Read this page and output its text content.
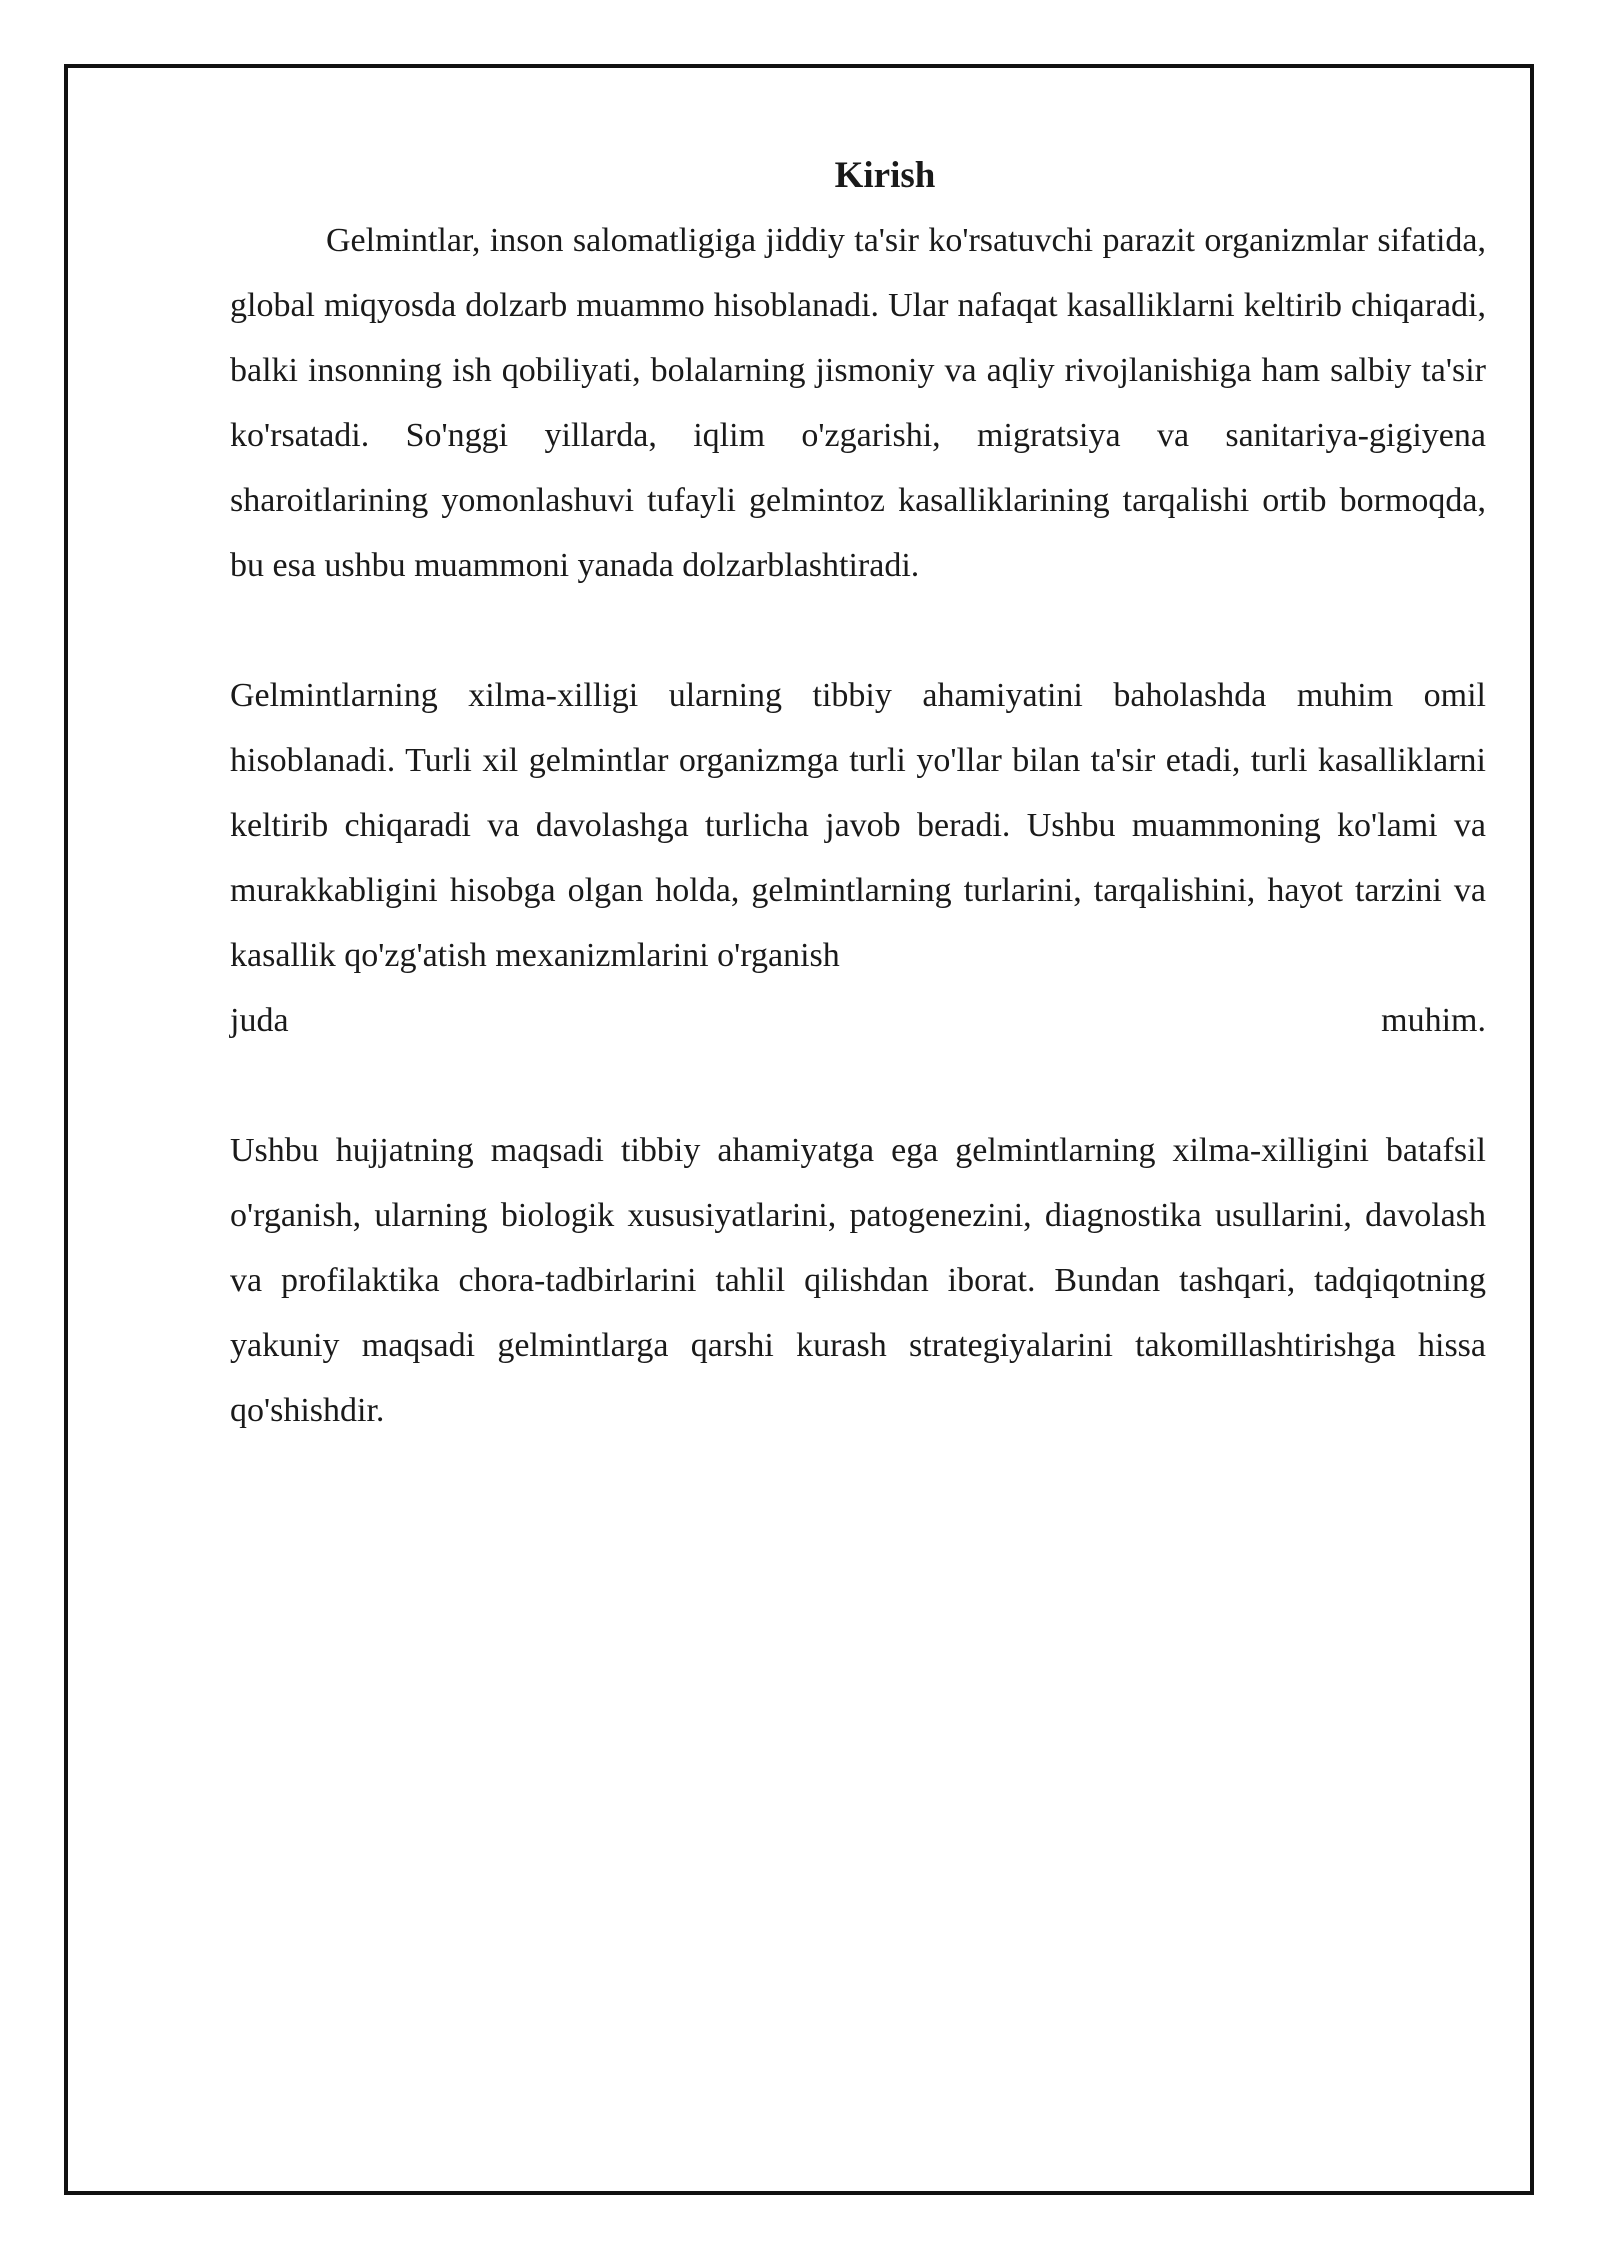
Kirish

Gelmintlar, inson salomatligiga jiddiy ta'sir ko'rsatuvchi parazit organizmlar sifatida, global miqyosda dolzarb muammo hisoblanadi. Ular nafaqat kasalliklarni keltirib chiqaradi, balki insonning ish qobiliyati, bolalarning jismoniy va aqliy rivojlanishiga ham salbiy ta'sir ko'rsatadi. So'nggi yillarda, iqlim o'zgarishi, migratsiya va sanitariya-gigiyena sharoitlarining yomonlashuvi tufayli gelmintoz kasalliklarining tarqalishi ortib bormoqda, bu esa ushbu muammoni yanada dolzarblashtiradi.

Gelmintlarning xilma-xilligi ularning tibbiy ahamiyatini baholashda muhim omil hisoblanadi. Turli xil gelmintlar organizmga turli yo'llar bilan ta'sir etadi, turli kasalliklarni keltirib chiqaradi va davolashga turlicha javob beradi. Ushbu muammoning ko'lami va murakkabligini hisobga olgan holda, gelmintlarning turlarini, tarqalishini, hayot tarzini va kasallik qo'zg'atish mexanizmlarini o'rganish

juda	muhim.

Ushbu hujjatning maqsadi tibbiy ahamiyatga ega gelmintlarning xilma-xilligini batafsil o'rganish, ularning biologik xususiyatlarini, patogenezini, diagnostika usullarini, davolash va profilaktika chora-tadbirlarini tahlil qilishdan iborat. Bundan tashqari, tadqiqotning yakuniy maqsadi gelmintlarga qarshi kurash strategiyalarini takomillashtirishga hissa qo'shishdir.
